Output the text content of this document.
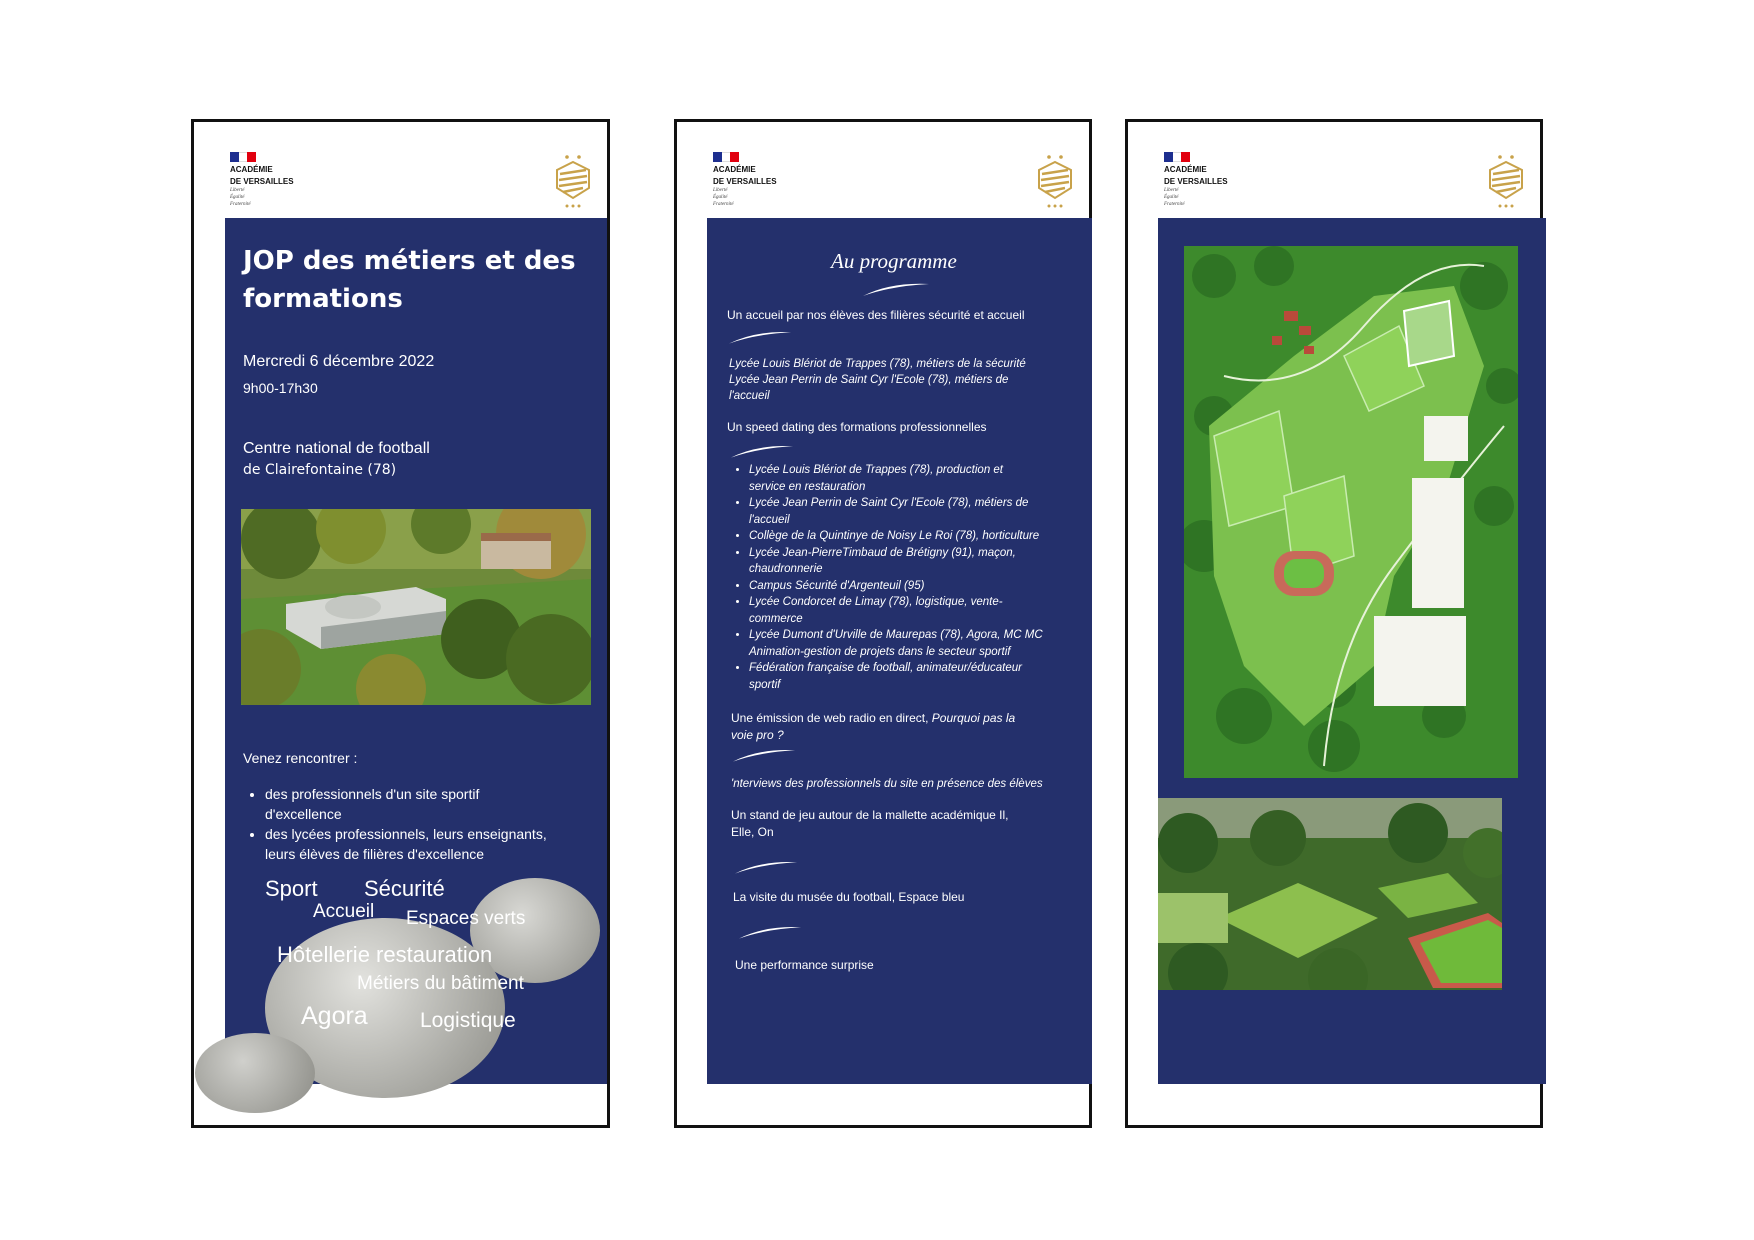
ACADÉMIE
DE VERSAILLES
Liberté
Égalité
Fraternité
JOP des métiers et des
formations
Mercredi 6 décembre 2022
9h00-17h30
Centre national de football
de Clairefontaine (78)
Venez rencontrer :
• des professionnels d'un site sportif
d'excellence
• des lycées professionnels, leurs enseignants,
leurs élèves de filières d'excellence
Sport Sécurité
Accueil Espaces verts
Hôtellerie restauration
Métiers du bâtiment
Agora Logistique
ACADÉMIE
DE VERSAILLES
Liberté
Égalité
Fraternité
Au programme
Un accueil par nos élèves des filières sécurité et accueil
Lycée Louis Blériot de Trappes (78), métiers de la sécurité
Lycée Jean Perrin de Saint Cyr l'Ecole (78), métiers de
l'accueil
Un speed dating des formations professionnelles
• Lycée Louis Blériot de Trappes (78), production et
service en restauration
• Lycée Jean Perrin de Saint Cyr l'Ecole (78), métiers de
l'accueil
• Collège de la Quintinye de Noisy Le Roi (78), horticulture
• Lycée Jean-PierreTimbaud de Brétigny (91), maçon,
chaudronnerie
• Campus Sécurité d'Argenteuil (95)
• Lycée Condorcet de Limay (78), logistique, vente-
commerce
• Lycée Dumont d'Urville de Maurepas (78), Agora, MC MC
Animation-gestion de projets dans le secteur sportif
• Fédération française de football, animateur/éducateur
sportif
Une émission de web radio en direct, Pourquoi pas la
voie pro ?
'nterviews des professionnels du site en présence des élèves
Un stand de jeu autour de la mallette académique Il,
Elle, On
La visite du musée du football, Espace bleu
Une performance surprise
ACADÉMIE
DE VERSAILLES
Liberté
Égalité
Fraternité
